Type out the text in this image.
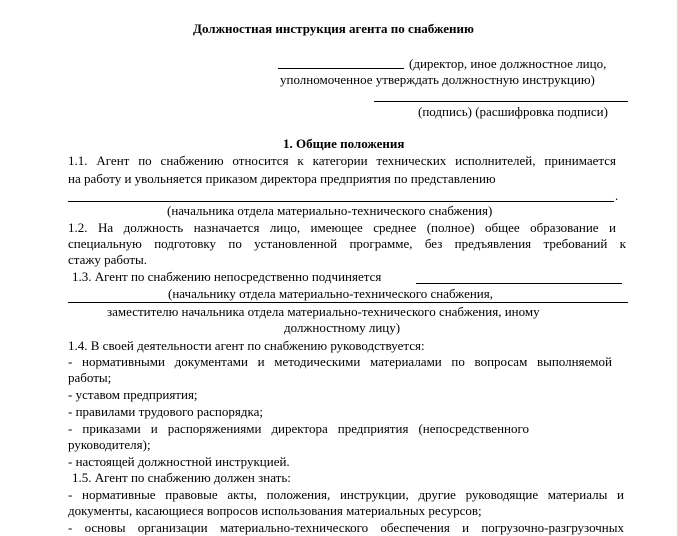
Должностная инструкция агента по снабжению
(директор, иное должностное лицо,
уполномоченное утверждать должностную инструкцию)
(подпись) (расшифровка подписи)
1. Общие положения
1.1. Агент по снабжению относится к категории технических исполнителей, принимается
на работу и увольняется приказом директора предприятия по представлению
.
(начальника отдела материально-технического снабжения)
1.2. На должность назначается лицо, имеющее среднее (полное) общее образование и
специальную подготовку по установленной программе, без предъявления требований к
стажу работы.
1.3. Агент по снабжению непосредственно подчиняется
(начальнику отдела материально-технического снабжения,
заместителю начальника отдела материально-технического снабжения, иному
должностному лицу)
1.4. В своей деятельности агент по снабжению руководствуется:
- нормативными документами и методическими материалами по вопросам выполняемой
работы;
- уставом предприятия;
- правилами трудового распорядка;
- приказами и распоряжениями директора предприятия (непосредственного
руководителя);
- настоящей должностной инструкцией.
1.5. Агент по снабжению должен знать:
- нормативные правовые акты, положения, инструкции, другие руководящие материалы и
документы, касающиеся вопросов использования материальных ресурсов;
- основы организации материально-технического обеспечения и погрузочно-разгрузочных
